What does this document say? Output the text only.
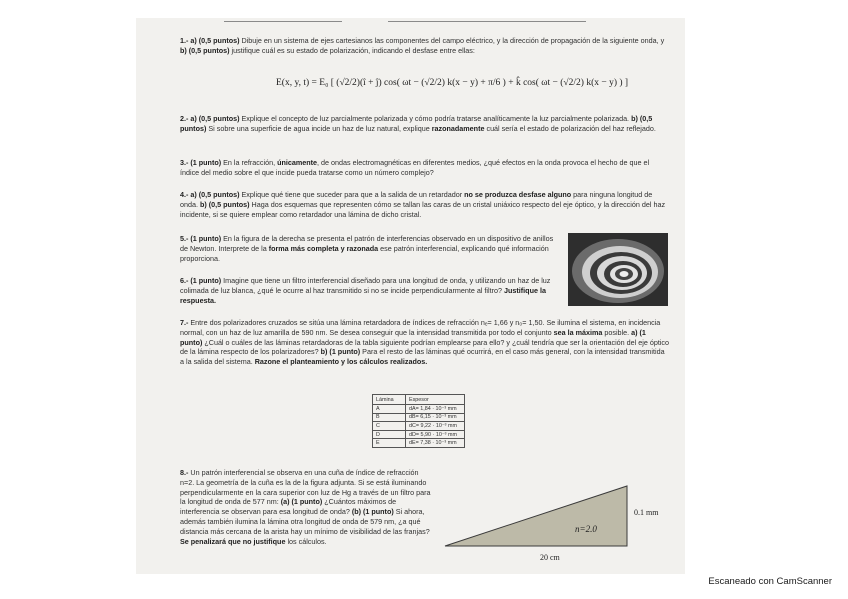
1.- a) (0,5 puntos) Dibuje en un sistema de ejes cartesianos las componentes del campo eléctrico, y la dirección de propagación de la siguiente onda, y b) (0,5 puntos) justifique cuál es su estado de polarización, indicando el desfase entre ellas:
E(x, y, t) = E₀ [ (√2/2)(î + ĵ) cos( ωt − (√2/2) k(x − y) + π/6 ) + k̂ cos( ωt − (√2/2) k(x − y) ) ]
2.- a) (0,5 puntos) Explique el concepto de luz parcialmente polarizada y cómo podría tratarse analíticamente la luz parcialmente polarizada. b) (0,5 puntos) Si sobre una superficie de agua incide un haz de luz natural, explique razonadamente cuál sería el estado de polarización del haz reflejado.
3.- (1 punto) En la refracción, únicamente, de ondas electromagnéticas en diferentes medios, ¿qué efectos en la onda provoca el hecho de que el índice del medio sobre el que incide pueda tratarse como un número complejo?
4.- a) (0,5 puntos) Explique qué tiene que suceder para que a la salida de un retardador no se produzca desfase alguno para ninguna longitud de onda. b) (0,5 puntos) Haga dos esquemas que representen cómo se tallan las caras de un cristal uniáxico respecto del eje óptico, y la dirección del haz incidente, si se quiere emplear como retardador una lámina de dicho cristal.
5.- (1 punto) En la figura de la derecha se presenta el patrón de interferencias observado en un dispositivo de anillos de Newton. Interprete de la forma más completa y razonada ese patrón interferencial, explicando qué información proporciona.
6.- (1 punto) Imagine que tiene un filtro interferencial diseñado para una longitud de onda, y utilizando un haz de luz colimada de luz blanca, ¿qué le ocurre al haz transmitido si no se incide perpendicularmente al filtro? Justifique la respuesta.
7.- Entre dos polarizadores cruzados se sitúa una lámina retardadora de índices de refracción nₑ= 1,66 y n₀= 1,50. Se ilumina el sistema, en incidencia normal, con un haz de luz amarilla de 590 nm. Se desea conseguir que la intensidad transmitida por todo el conjunto sea la máxima posible. a) (1 punto) ¿Cuál o cuáles de las láminas retardadoras de la tabla siguiente podrían emplearse para ello? y ¿cuál tendría que ser la orientación del eje óptico de la lámina respecto de los polarizadores? b) (1 punto) Para el resto de las láminas qué ocurrirá, en el caso más general, con la intensidad transmitida a la salida del sistema. Razone el planteamiento y los cálculos realizados.
Lámina	Espesor
A	dA= 1,84 · 10⁻³ mm
B	dB= 6,15 · 10⁻³ mm
C	dC= 9,22 · 10⁻³ mm
D	dD= 5,90 · 10⁻³ mm
E	dE= 7,38 · 10⁻³ mm
8.- Un patrón interferencial se observa en una cuña de índice de refracción n=2. La geometría de la cuña es la de la figura adjunta. Si se está iluminando perpendicularmente en la cara superior con luz de Hg a través de un filtro para la longitud de onda de 577 nm: (a) (1 punto) ¿Cuántos máximos de interferencia se observan para esa longitud de onda? (b) (1 punto) Si ahora, además también ilumina la lámina otra longitud de onda de 579 nm, ¿a qué distancia más cercana de la arista hay un mínimo de visibilidad de las franjas? Se penalizará que no justifique los cálculos.
n=2.0
0.1 mm
20 cm
Escaneado con CamScanner
